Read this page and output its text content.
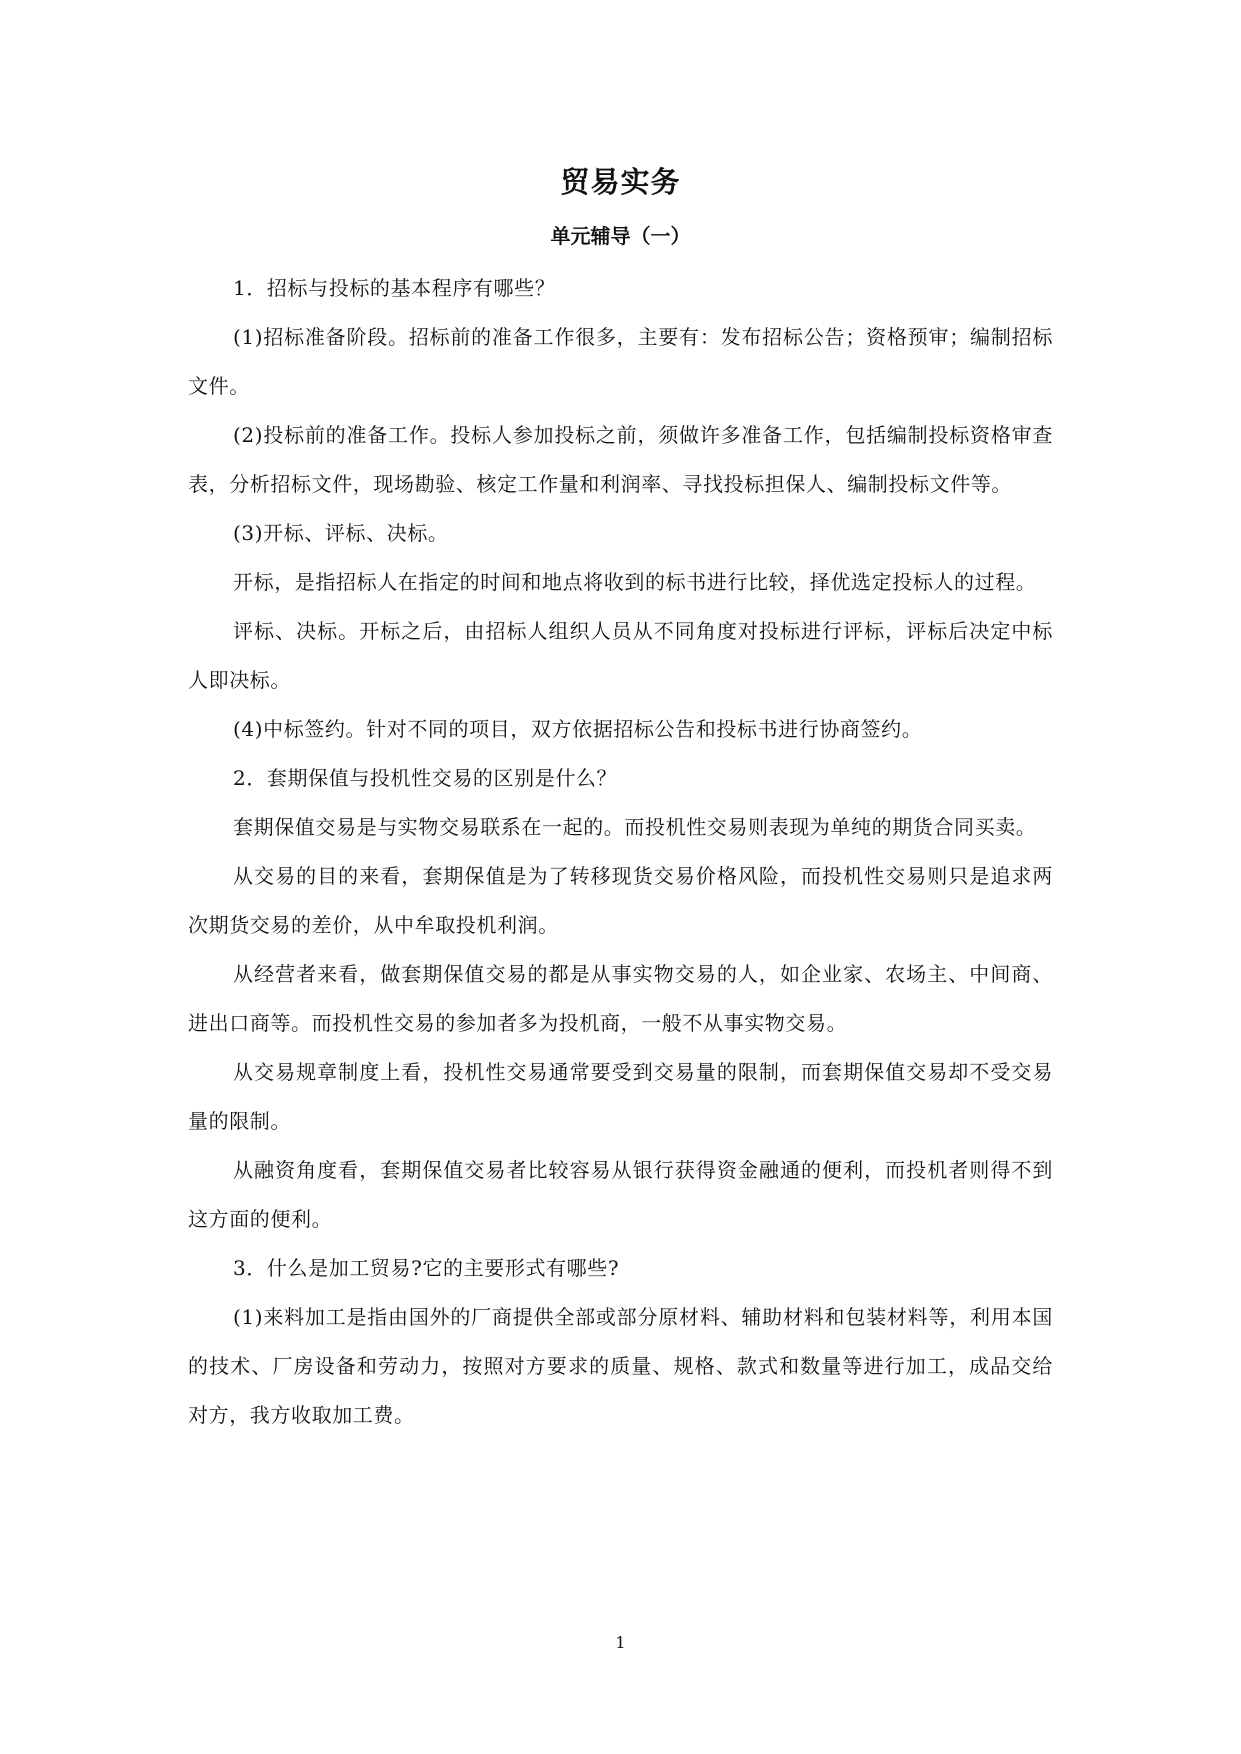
贸易实务
单元辅导（一）

1．招标与投标的基本程序有哪些？

(1)招标准备阶段。招标前的准备工作很多，主要有：发布招标公告；资格预审；编制招标文件。

(2)投标前的准备工作。投标人参加投标之前，须做许多准备工作，包括编制投标资格审查表，分析招标文件，现场勘验、核定工作量和利润率、寻找投标担保人、编制投标文件等。

(3)开标、评标、决标。

开标，是指招标人在指定的时间和地点将收到的标书进行比较，择优选定投标人的过程。

评标、决标。开标之后，由招标人组织人员从不同角度对投标进行评标，评标后决定中标人即决标。

(4)中标签约。针对不同的项目，双方依据招标公告和投标书进行协商签约。

2．套期保值与投机性交易的区别是什么？

套期保值交易是与实物交易联系在一起的。而投机性交易则表现为单纯的期货合同买卖。

从交易的目的来看，套期保值是为了转移现货交易价格风险，而投机性交易则只是追求两次期货交易的差价，从中牟取投机利润。

从经营者来看，做套期保值交易的都是从事实物交易的人，如企业家、农场主、中间商、进出口商等。而投机性交易的参加者多为投机商，一般不从事实物交易。

从交易规章制度上看，投机性交易通常要受到交易量的限制，而套期保值交易却不受交易量的限制。

从融资角度看，套期保值交易者比较容易从银行获得资金融通的便利，而投机者则得不到这方面的便利。

3．什么是加工贸易?它的主要形式有哪些?

(1)来料加工是指由国外的厂商提供全部或部分原材料、辅助材料和包装材料等，利用本国的技术、厂房设备和劳动力，按照对方要求的质量、规格、款式和数量等进行加工，成品交给对方，我方收取加工费。

1
